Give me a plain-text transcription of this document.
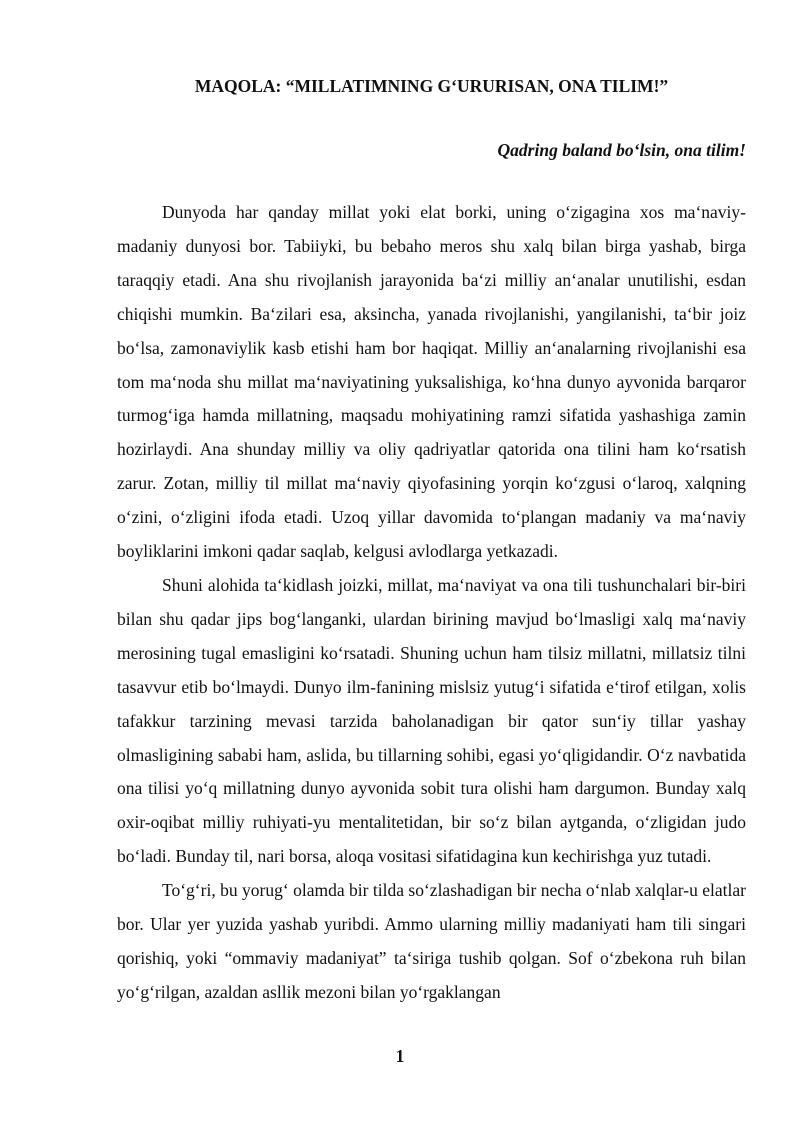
MAQOLA: “MILLATIMNING G‘URURISAN, ONA TILIM!”

Qadring baland bo‘lsin, ona tilim!

Dunyoda har qanday millat yoki elat borki, uning o‘zigagina xos ma‘naviy-madaniy dunyosi bor. Tabiiyki, bu bebaho meros shu xalq bilan birga yashab, birga taraqqiy etadi. Ana shu rivojlanish jarayonida ba‘zi milliy an‘analar unutilishi, esdan chiqishi mumkin. Ba‘zilari esa, aksincha, yanada rivojlanishi, yangilanishi, ta‘bir joiz bo‘lsa, zamonaviylik kasb etishi ham bor haqiqat. Milliy an‘analarning rivojlanishi esa tom ma‘noda shu millat ma‘naviyatining yuksalishiga, ko‘hna dunyo ayvonida barqaror turmog‘iga hamda millatning, maqsadu mohiyatining ramzi sifatida yashashiga zamin hozirlaydi. Ana shunday milliy va oliy qadriyatlar qatorida ona tilini ham ko‘rsatish zarur. Zotan, milliy til millat ma‘naviy qiyofasining yorqin ko‘zgusi o‘laroq, xalqning o‘zini, o‘zligini ifoda etadi. Uzoq yillar davomida to‘plangan madaniy va ma‘naviy boyliklarini imkoni qadar saqlab, kelgusi avlodlarga yetkazadi.

Shuni alohida ta‘kidlash joizki, millat, ma‘naviyat va ona tili tushunchalari bir-biri bilan shu qadar jips bog‘langanki, ulardan birining mavjud bo‘lmasligi xalq ma‘naviy merosining tugal emasligini ko‘rsatadi. Shuning uchun ham tilsiz millatni, millatsiz tilni tasavvur etib bo‘lmaydi. Dunyo ilm-fanining mislsiz yutug‘i sifatida e‘tirof etilgan, xolis tafakkur tarzining mevasi tarzida baholanadigan bir qator sun‘iy tillar yashay olmasligining sababi ham, aslida, bu tillarning sohibi, egasi yo‘qligidandir. O‘z navbatida ona tilisi yo‘q millatning dunyo ayvonida sobit tura olishi ham dargumon. Bunday xalq oxir-oqibat milliy ruhiyati-yu mentalitetidan, bir so‘z bilan aytganda, o‘zligidan judo bo‘ladi. Bunday til, nari borsa, aloqa vositasi sifatidagina kun kechirishga yuz tutadi.

To‘g‘ri, bu yorug‘ olamda bir tilda so‘zlashadigan bir necha o‘nlab xalqlar-u elatlar bor. Ular yer yuzida yashab yuribdi. Ammo ularning milliy madaniyati ham tili singari qorishiq, yoki “ommaviy madaniyat” ta‘siriga tushib qolgan. Sof o‘zbekona ruh bilan yo‘g‘rilgan, azaldan asllik mezoni bilan yo‘rgaklangan

1
